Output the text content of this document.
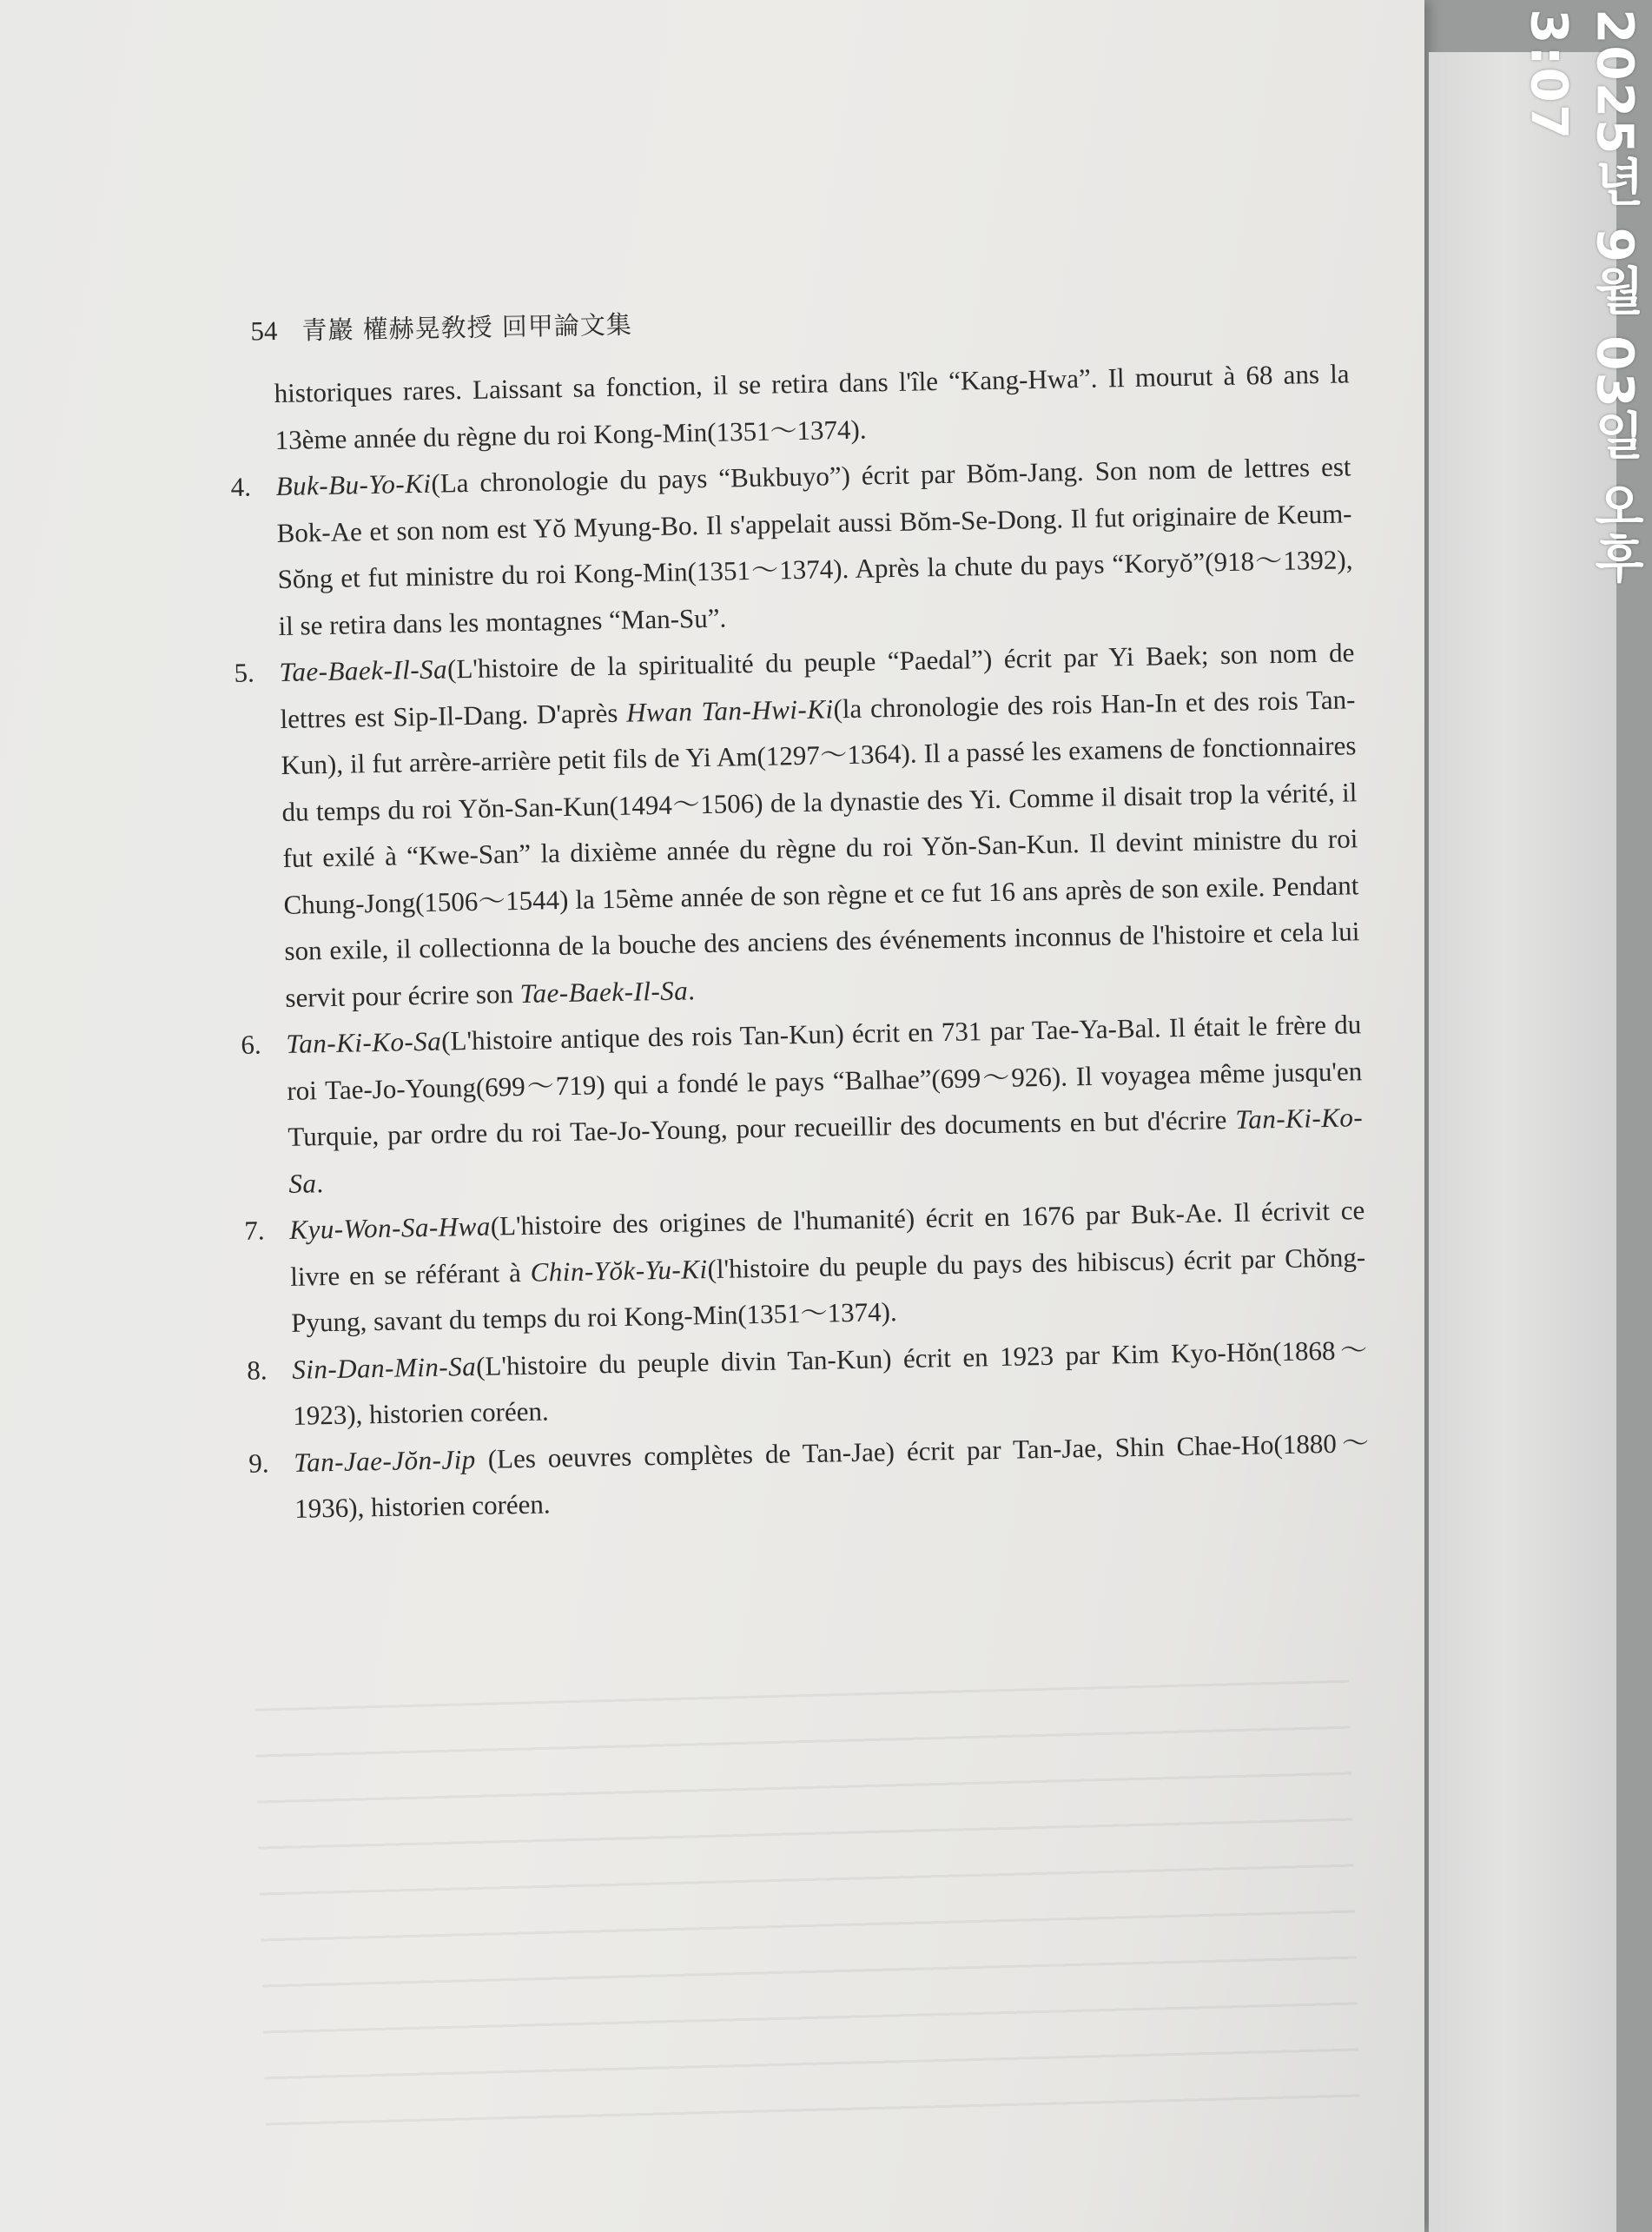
54 青巖 權赫晃敎授 回甲論文集

historiques rares. Laissant sa fonction, il se retira dans l'île “Kang-Hwa”. Il mourut à 68 ans la 13ème année du règne du roi Kong-Min(1351～1374).

4. Buk-Bu-Yo-Ki(La chronologie du pays “Bukbuyo”) écrit par Bŏm-Jang. Son nom de lettres est Bok-Ae et son nom est Yŏ Myung-Bo. Il s'appelait aussi Bŏm-Se-Dong. Il fut originaire de Keum-Sŏng et fut ministre du roi Kong-Min(1351～1374). Après la chute du pays “Koryŏ”(918～1392), il se retira dans les montagnes “Man-Su”.
5. Tae-Baek-Il-Sa(L'histoire de la spiritualité du peuple “Paedal”) écrit par Yi Baek; son nom de lettres est Sip-Il-Dang. D'après Hwan Tan-Hwi-Ki(la chronologie des rois Han-In et des rois Tan-Kun), il fut arrère-arrière petit fils de Yi Am(1297～1364). Il a passé les examens de fonctionnaires du temps du roi Yŏn-San-Kun(1494～1506) de la dynastie des Yi. Comme il disait trop la vérité, il fut exilé à “Kwe-San” la dixième année du règne du roi Yŏn-San-Kun. Il devint ministre du roi Chung-Jong(1506～1544) la 15ème année de son règne et ce fut 16 ans après de son exile. Pendant son exile, il collectionna de la bouche des anciens des événements inconnus de l'histoire et cela lui servit pour écrire son Tae-Baek-Il-Sa.
6. Tan-Ki-Ko-Sa(L'histoire antique des rois Tan-Kun) écrit en 731 par Tae-Ya-Bal. Il était le frère du roi Tae-Jo-Young(699～719) qui a fondé le pays “Balhae”(699～926). Il voyagea même jusqu'en Turquie, par ordre du roi Tae-Jo-Young, pour recueillir des documents en but d'écrire Tan-Ki-Ko-Sa.
7. Kyu-Won-Sa-Hwa(L'histoire des origines de l'humanité) écrit en 1676 par Buk-Ae. Il écrivit ce livre en se référant à Chin-Yŏk-Yu-Ki(l'histoire du peuple du pays des hibiscus) écrit par Chŏng-Pyung, savant du temps du roi Kong-Min(1351～1374).
8. Sin-Dan-Min-Sa(L'histoire du peuple divin Tan-Kun) écrit en 1923 par Kim Kyo-Hŏn(1868～1923), historien coréen.
9. Tan-Jae-Jŏn-Jip (Les oeuvres complètes de Tan-Jae) écrit par Tan-Jae, Shin Chae-Ho(1880～1936), historien coréen.
2025년 9월 03일 오후 3:07
